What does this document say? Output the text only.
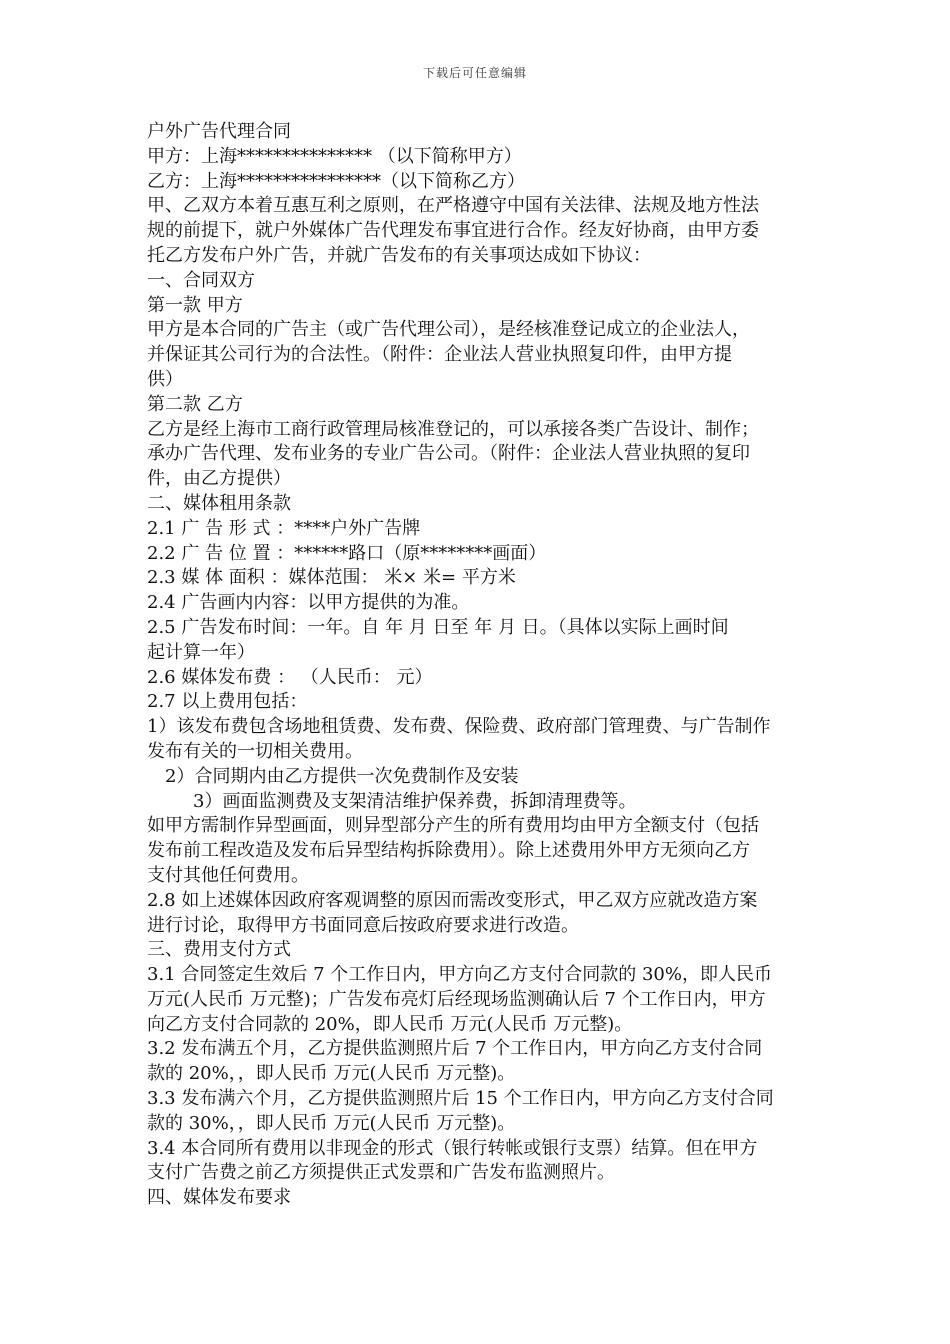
下载后可任意编辑
户外广告代理合同
甲方：上海*************** （以下简称甲方）
乙方：上海****************（以下简称乙方）
甲、乙双方本着互惠互利之原则，在严格遵守中国有关法律、法规及地方性法
规的前提下，就户外媒体广告代理发布事宜进行合作。经友好协商，由甲方委
托乙方发布户外广告，并就广告发布的有关事项达成如下协议：
一、合同双方
第一款 甲方
甲方是本合同的广告主（或广告代理公司），是经核准登记成立的企业法人，
并保证其公司行为的合法性。（附件：企业法人营业执照复印件，由甲方提
供）
第二款 乙方
乙方是经上海市工商行政管理局核准登记的，可以承接各类广告设计、制作；
承办广告代理、发布业务的专业广告公司。（附件：企业法人营业执照的复印
件，由乙方提供）
二、媒体租用条款
2.1 广 告 形 式 ：****户外广告牌
2.2 广 告 位 置 ：******路口（原********画面）
2.3 媒 体 面积 ：媒体范围： 米× 米= 平方米
2.4 广告画内内容：以甲方提供的为准。
2.5 广告发布时间：一年。自 年 月 日至 年 月 日。（具体以实际上画时间
起计算一年）
2.6 媒体发布费 ： （人民币： 元）
2.7 以上费用包括：
1）该发布费包含场地租赁费、发布费、保险费、政府部门管理费、与广告制作
发布有关的一切相关费用。
2）合同期内由乙方提供一次免费制作及安装
3）画面监测费及支架清洁维护保养费，拆卸清理费等。
如甲方需制作异型画面，则异型部分产生的所有费用均由甲方全额支付（包括
发布前工程改造及发布后异型结构拆除费用）。除上述费用外甲方无须向乙方
支付其他任何费用。
2.8 如上述媒体因政府客观调整的原因而需改变形式，甲乙双方应就改造方案
进行讨论，取得甲方书面同意后按政府要求进行改造。
三、费用支付方式
3.1 合同签定生效后 7 个工作日内，甲方向乙方支付合同款的 30%，即人民币
万元(人民币 万元整)；广告发布亮灯后经现场监测确认后 7 个工作日内，甲方
向乙方支付合同款的 20%，即人民币 万元(人民币 万元整)。
3.2 发布满五个月，乙方提供监测照片后 7 个工作日内，甲方向乙方支付合同
款的 20%，，即人民币 万元(人民币 万元整)。
3.3 发布满六个月，乙方提供监测照片后 15 个工作日内，甲方向乙方支付合同
款的 30%，，即人民币 万元(人民币 万元整)。
3.4 本合同所有费用以非现金的形式（银行转帐或银行支票）结算。但在甲方
支付广告费之前乙方须提供正式发票和广告发布监测照片。
四、媒体发布要求
